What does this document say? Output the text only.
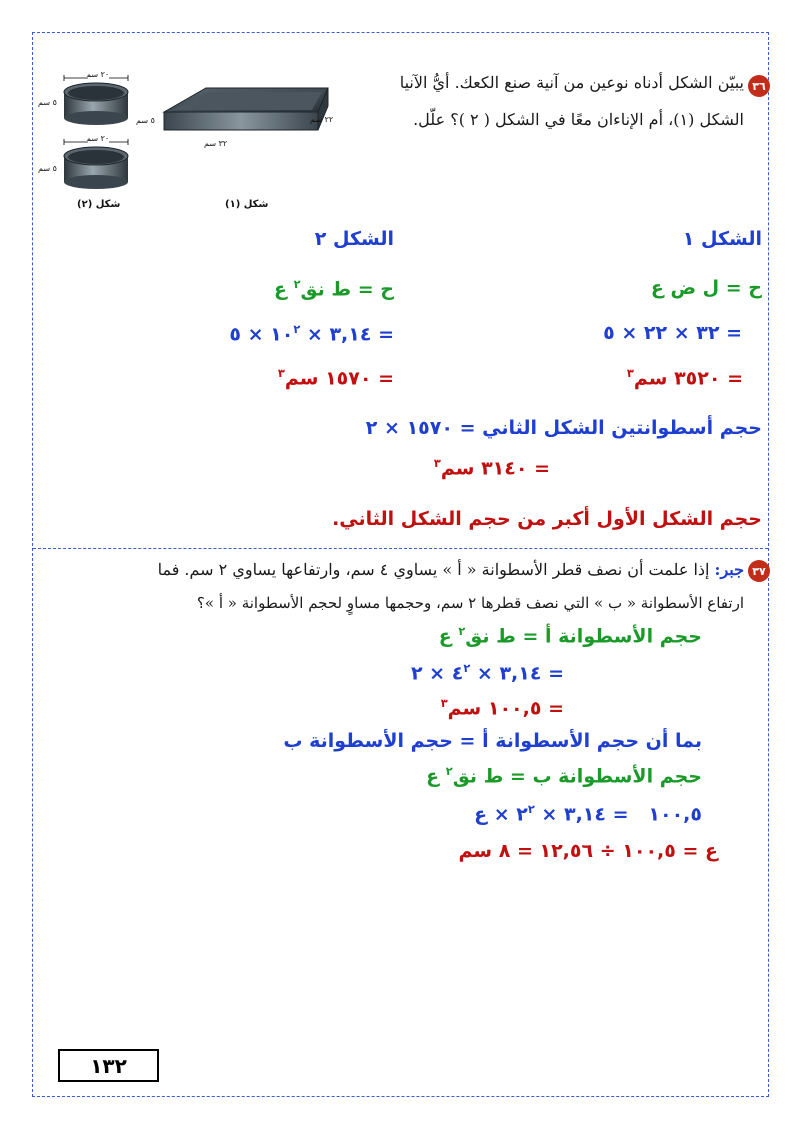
٣٦
يبيّن الشكل أدناه نوعين من آنية صنع الكعك. أيُّ الآنيا
الشكل (١)، أم الإناءان معًا في الشكل ( ٢ )؟ علّل.
٥ سم
٣٢ سم
٢٢ سم
شكل (١)
٢٠ سم
٥ سم
٢٠ سم
٥ سم
شكل (٢)
الشكل ١
الشكل ٢
ح = ل ض ع
ح = ط نق$^٢$ ع
= ٣٢ × ٢٢ × ٥
= ٣,١٤ × $١٠^٢$ × ٥
= ٣٥٢٠ سم$^٣$
= ١٥٧٠ سم$^٣$
حجم أسطوانتين الشكل الثاني = ١٥٧٠ × ٢
= ٣١٤٠ سم$^٣$
حجم الشكل الأول أكبر من حجم الشكل الثاني.
٣٧
جبر: إذا علمت أن نصف قطر الأسطوانة « أ » يساوي ٤ سم، وارتفاعها يساوي ٢ سم. فما
ارتفاع الأسطوانة « ب » التي نصف قطرها ٢ سم، وحجمها مساوٍ لحجم الأسطوانة « أ »؟
حجم الأسطوانة أ = ط نق$^٢$ ع
= ٣,١٤ × $٤^٢$ × ٢
= ١٠٠,٥ سم$^٣$
بما أن حجم الأسطوانة أ = حجم الأسطوانة ب
حجم الأسطوانة ب = ط نق$^٢$ ع
١٠٠,٥   = ٣,١٤ × $٢^٢$ × ع
ع = ١٠٠,٥ ÷ ١٢,٥٦ = ٨ سم
١٣٢
